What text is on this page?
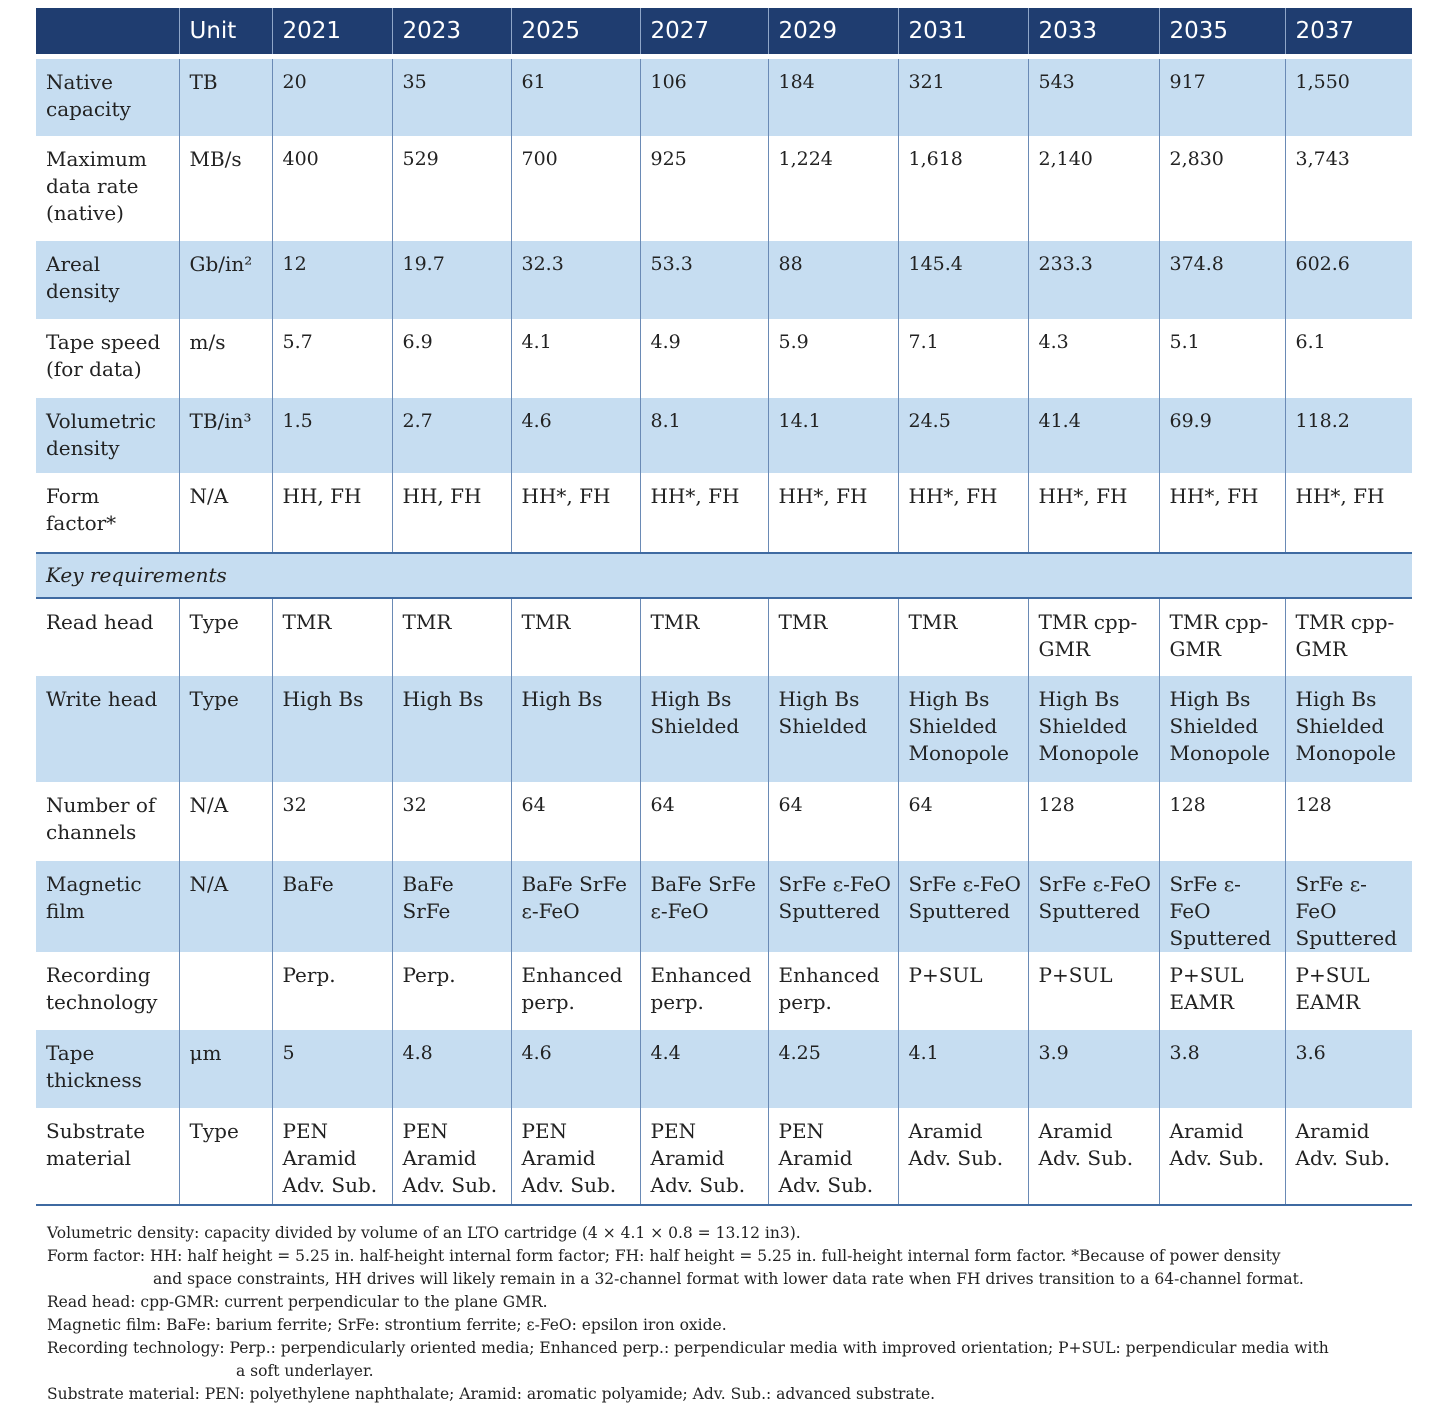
	Unit	2021	2023	2025	2027	2029	2031	2033	2035	2037

Native capacity	TB	20	35	61	106	184	321	543	917	1,550
Maximum data rate (native)	MB/s	400	529	700	925	1,224	1,618	2,140	2,830	3,743
Areal density	Gb/in²	12	19.7	32.3	53.3	88	145.4	233.3	374.8	602.6
Tape speed (for data)	m/s	5.7	6.9	4.1	4.9	5.9	7.1	4.3	5.1	6.1
Volumetric density	TB/in³	1.5	2.7	4.6	8.1	14.1	24.5	41.4	69.9	118.2
Form factor*	N/A	HH, FH	HH, FH	HH*, FH	HH*, FH	HH*, FH	HH*, FH	HH*, FH	HH*, FH	HH*, FH
Key requirements										
Read head	Type	TMR	TMR	TMR	TMR	TMR	TMR	TMR cpp-GMR	TMR cpp-GMR	TMR cpp-GMR
Write head	Type	High Bs	High Bs	High Bs	High Bs Shielded	High Bs Shielded	High Bs Shielded Monopole	High Bs Shielded Monopole	High Bs Shielded Monopole	High Bs Shielded Monopole
Number of channels	N/A	32	32	64	64	64	64	128	128	128
Magnetic film	N/A	BaFe	BaFe SrFe	BaFe SrFe ε-FeO	BaFe SrFe ε-FeO	SrFe ε-FeO Sputtered	SrFe ε-FeO Sputtered	SrFe ε-FeO Sputtered	SrFe ε-FeO Sputtered	SrFe ε-FeO Sputtered
Recording technology		Perp.	Perp.	Enhanced perp.	Enhanced perp.	Enhanced perp.	P+SUL	P+SUL	P+SUL EAMR	P+SUL EAMR
Tape thickness	μm	5	4.8	4.6	4.4	4.25	4.1	3.9	3.8	3.6
Substrate material	Type	PEN Aramid Adv. Sub.	PEN Aramid Adv. Sub.	PEN Aramid Adv. Sub.	PEN Aramid Adv. Sub.	PEN Aramid Adv. Sub.	Aramid Adv. Sub.	Aramid Adv. Sub.	Aramid Adv. Sub.	Aramid Adv. Sub.
Volumetric density: capacity divided by volume of an LTO cartridge (4 × 4.1 × 0.8 = 13.12 in3).
Form factor: HH: half height = 5.25 in. half-height internal form factor; FH: half height = 5.25 in. full-height internal form factor. *Because of power density
and space constraints, HH drives will likely remain in a 32-channel format with lower data rate when FH drives transition to a 64-channel format.
Read head: cpp-GMR: current perpendicular to the plane GMR.
Magnetic film: BaFe: barium ferrite; SrFe: strontium ferrite; ε-FeO: epsilon iron oxide.
Recording technology: Perp.: perpendicularly oriented media; Enhanced perp.: perpendicular media with improved orientation; P+SUL: perpendicular media with
a soft underlayer.
Substrate material: PEN: polyethylene naphthalate; Aramid: aromatic polyamide; Adv. Sub.: advanced substrate.
